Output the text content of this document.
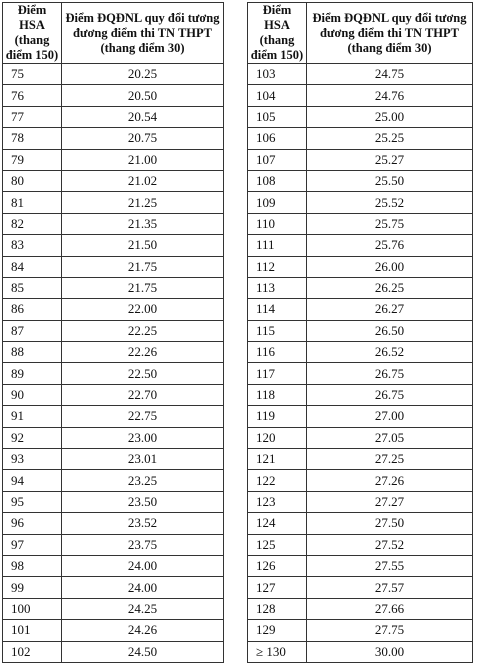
Điểm HSA (thang điểm 150)	Điểm ĐQĐNL quy đổi tương đương điểm thi TN THPT (thang điểm 30)
75	20.25
76	20.50
77	20.54
78	20.75
79	21.00
80	21.02
81	21.25
82	21.35
83	21.50
84	21.75
85	21.75
86	22.00
87	22.25
88	22.26
89	22.50
90	22.70
91	22.75
92	23.00
93	23.01
94	23.25
95	23.50
96	23.52
97	23.75
98	24.00
99	24.00
100	24.25
101	24.26
102	24.50
Điểm HSA (thang điểm 150)	Điểm ĐQĐNL quy đổi tương đương điểm thi TN THPT (thang điểm 30)
103	24.75
104	24.76
105	25.00
106	25.25
107	25.27
108	25.50
109	25.52
110	25.75
111	25.76
112	26.00
113	26.25
114	26.27
115	26.50
116	26.52
117	26.75
118	26.75
119	27.00
120	27.05
121	27.25
122	27.26
123	27.27
124	27.50
125	27.52
126	27.55
127	27.57
128	27.66
129	27.75
≥ 130	30.00
